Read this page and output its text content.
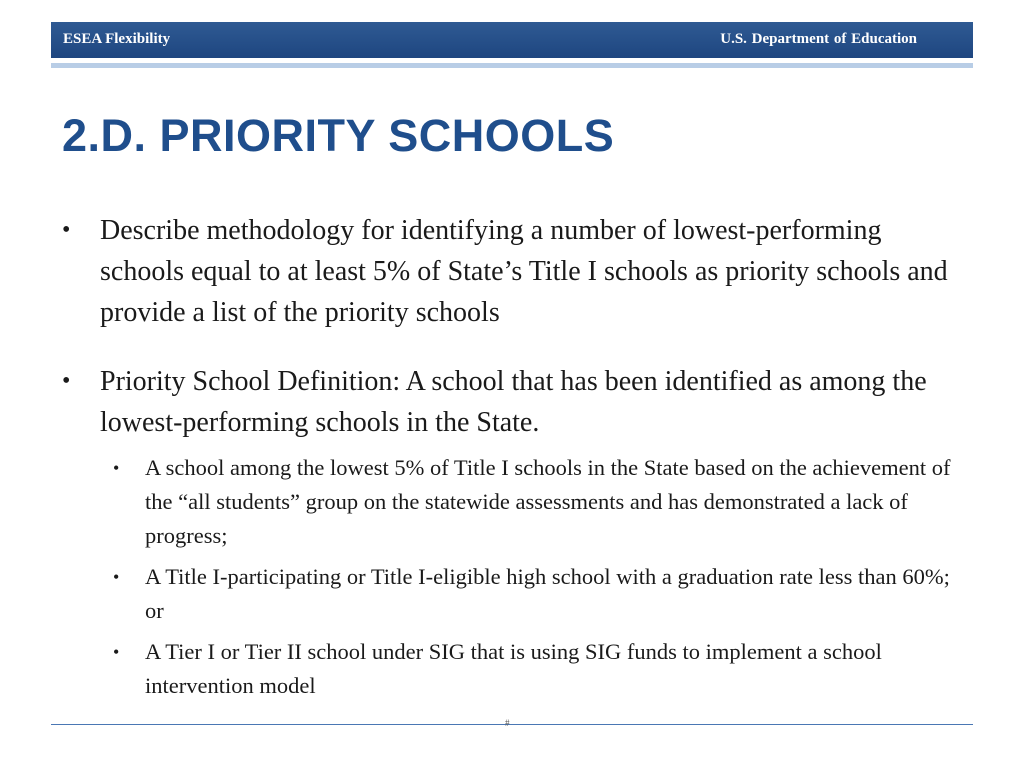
ESEA Flexibility	U.S. Department of Education
2.D. PRIORITY SCHOOLS
• Describe methodology for identifying a number of lowest-performing schools equal to at least 5% of State’s Title I schools as priority schools and provide a list of the priority schools
• Priority School Definition: A school that has been identified as among the lowest-performing schools in the State.
• A school among the lowest 5% of Title I schools in the State based on the achievement of the “all students” group on the statewide assessments and has demonstrated a lack of progress;
• A Title I-participating or Title I-eligible high school with a graduation rate less than 60%; or
• A Tier I or Tier II school under SIG that is using SIG funds to implement a school intervention model
#
